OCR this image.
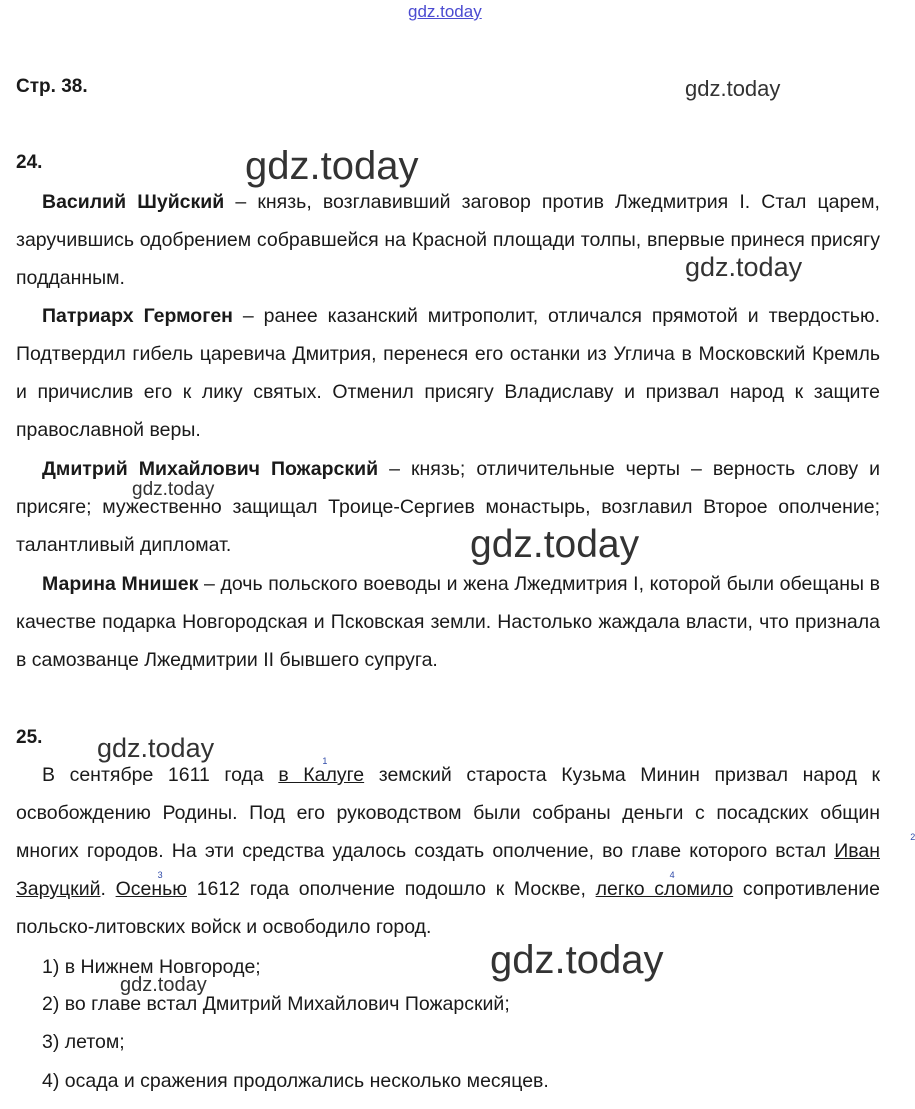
gdz.today
Стр. 38.	gdz.today
24.	gdz.today
Василий Шуйский – князь, возглавивший заговор против Лжедмитрия I. Стал царем, заручившись одобрением собравшейся на Красной площади толпы, впервые принеся присягу подданным.	gdz.today
Патриарх Гермоген – ранее казанский митрополит, отличался прямотой и твердостью. Подтвердил гибель царевича Дмитрия, перенеся его останки из Углича в Московский Кремль и причислив его к лику святых. Отменил присягу Владиславу и призвал народ к защите православной веры.
Дмитрий Михайлович Пожарский – князь; отличительные черты – верность слову и присяге; мужественно защищал Троице-Сергиев монастырь, возглавил Второе ополчение; талантливый дипломат.
gdz.today
gdz.today
Марина Мнишек – дочь польского воеводы и жена Лжедмитрия I, которой были обещаны в качестве подарка Новгородская и Псковская земли. Настолько жаждала власти, что признала в самозванце Лжедмитрии II бывшего супруга.
25. gdz.today
В сентябре 1611 года в Калуге
1
земский староста Кузьма Минин призвал народ к освобождению Родины. Под его руководством были собраны деньги с посадских общин многих городов. На эти средства удалось создать ополчение, во главе которого встал Иван Заруцкий
2
. Осенью
3
1612 года ополчение подошло к Москве, легко сломило
4
сопротивление польско-литовских войск и освободило город.
1) в Нижнем Новгороде;	gdz.today
gdz.today
2) во главе встал Дмитрий Михайлович Пожарский;
3) летом;
4) осада и сражения продолжались несколько месяцев.
